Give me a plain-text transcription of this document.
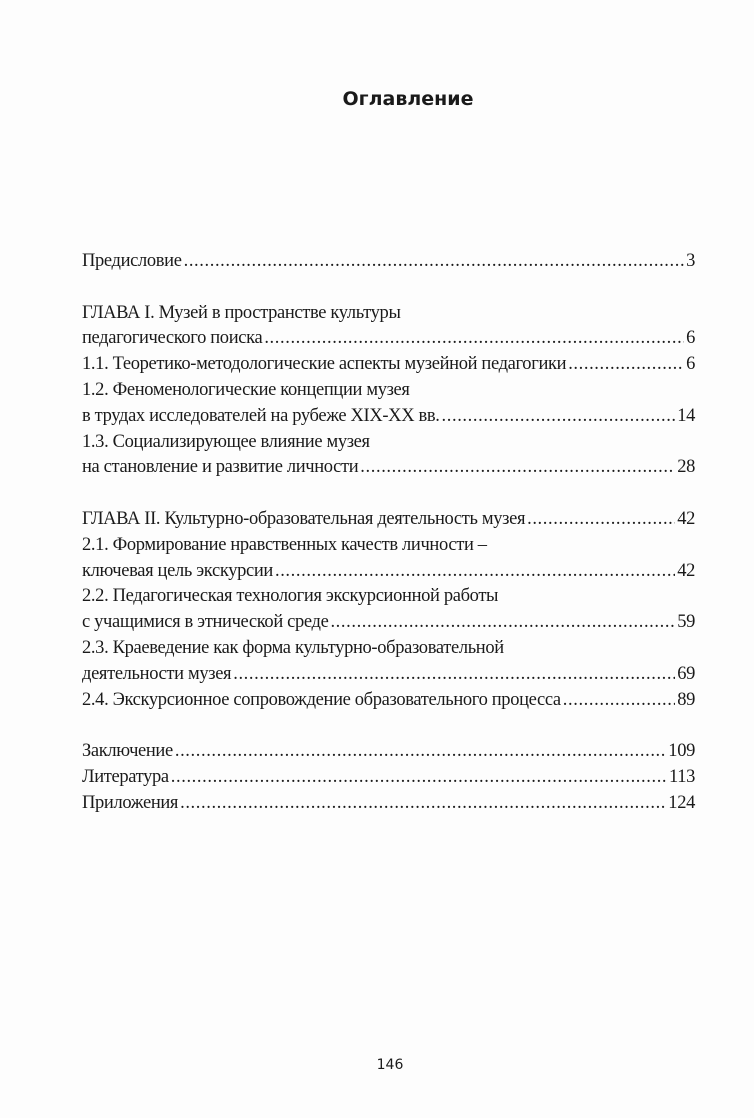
Оглавление
Предисловие .....	3
ГЛАВА I. Музей в пространстве культуры
педагогического поиска .....	6
1.1. Теоретико-методологические аспекты музейной педагогики .....	6
1.2. Феноменологические концепции музея
в трудах исследователей на рубеже XIX-XX вв. .....	14
1.3. Социализирующее влияние музея
на становление и развитие личности .....	28
ГЛАВА II. Культурно-образовательная деятельность музея .....	42
2.1. Формирование нравственных качеств личности –
ключевая цель экскурсии .....	42
2.2. Педагогическая технология экскурсионной работы
с учащимися в этнической среде .....	59
2.3. Краеведение как форма культурно-образовательной
деятельности музея .....	69
2.4. Экскурсионное сопровождение образовательного процесса .....	89
Заключение .....	109
Литература .....	113
Приложения .....	124
146
